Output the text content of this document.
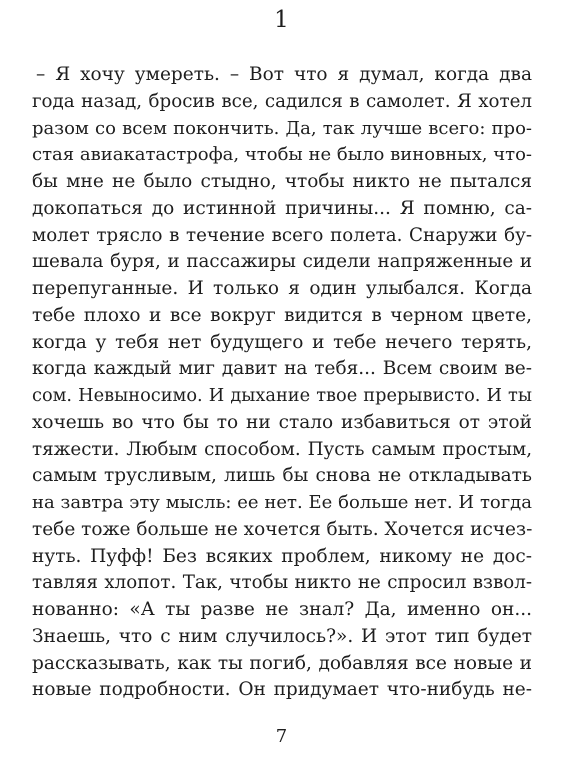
1
– Я хочу умереть. – Вот что я думал, когда два
года назад, бросив все, садился в самолет. Я хотел
разом со всем покончить. Да, так лучше всего: про-
стая авиакатастрофа, чтобы не было виновных, что-
бы мне не было стыдно, чтобы никто не пытался
докопаться до истинной причины... Я помню, са-
молет трясло в течение всего полета. Снаружи бу-
шевала буря, и пассажиры сидели напряженные и
перепуганные. И только я один улыбался. Когда
тебе плохо и все вокруг видится в черном цвете,
когда у тебя нет будущего и тебе нечего терять,
когда каждый миг давит на тебя... Всем своим ве-
сом. Невыносимо. И дыхание твое прерывисто. И ты
хочешь во что бы то ни стало избавиться от этой
тяжести. Любым способом. Пусть самым простым,
самым трусливым, лишь бы снова не откладывать
на завтра эту мысль: ее нет. Ее больше нет. И тогда
тебе тоже больше не хочется быть. Хочется исчез-
нуть. Пуфф! Без всяких проблем, никому не дос-
тавляя хлопот. Так, чтобы никто не спросил взвол-
нованно: «А ты разве не знал? Да, именно он...
Знаешь, что с ним случилось?». И этот тип будет
рассказывать, как ты погиб, добавляя все новые и
новые подробности. Он придумает что-нибудь не-
7
